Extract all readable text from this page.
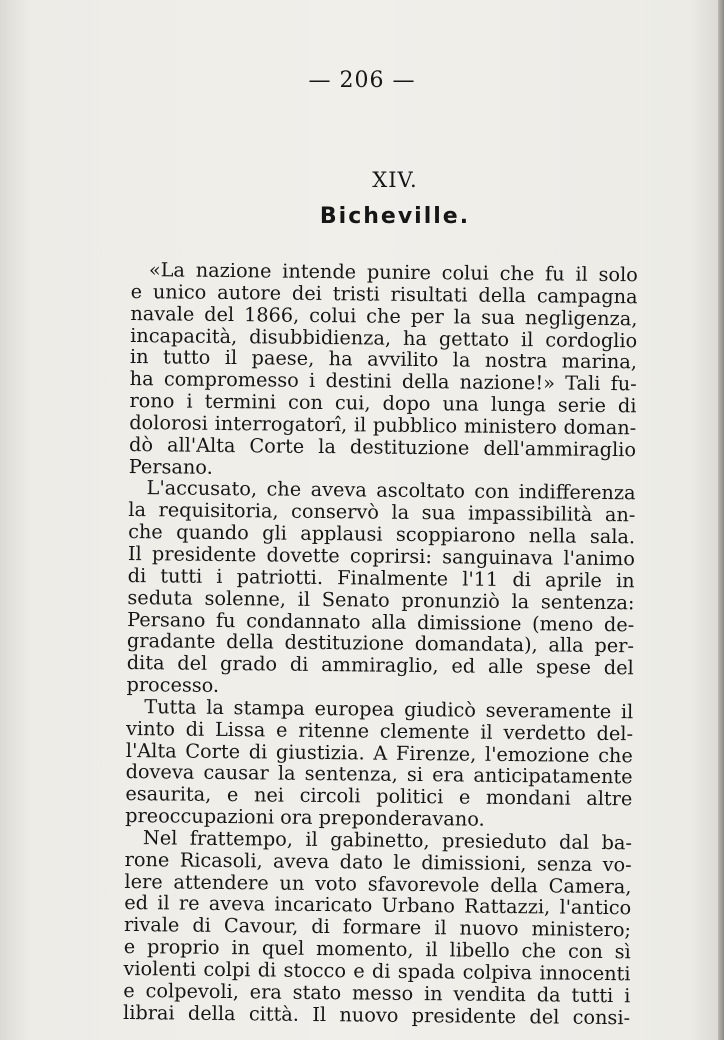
— 206 —
XIV.
Bicheville.
«La nazione intende punire colui che fu il solo
e unico autore dei tristi risultati della campagna
navale del 1866, colui che per la sua negligenza,
incapacità, disubbidienza, ha gettato il cordoglio
in tutto il paese, ha avvilito la nostra marina,
ha compromesso i destini della nazione!» Tali fu-
rono i termini con cui, dopo una lunga serie di
dolorosi interrogatorî, il pubblico ministero doman-
dò all'Alta Corte la destituzione dell'ammiraglio
Persano.
L'accusato, che aveva ascoltato con indifferenza
la requisitoria, conservò la sua impassibilità an-
che quando gli applausi scoppiarono nella sala.
Il presidente dovette coprirsi: sanguinava l'animo
di tutti i patriotti. Finalmente l'11 di aprile in
seduta solenne, il Senato pronunziò la sentenza:
Persano fu condannato alla dimissione (meno de-
gradante della destituzione domandata), alla per-
dita del grado di ammiraglio, ed alle spese del
processo.
Tutta la stampa europea giudicò severamente il
vinto di Lissa e ritenne clemente il verdetto del-
l'Alta Corte di giustizia. A Firenze, l'emozione che
doveva causar la sentenza, si era anticipatamente
esaurita, e nei circoli politici e mondani altre
preoccupazioni ora preponderavano.
Nel frattempo, il gabinetto, presieduto dal ba-
rone Ricasoli, aveva dato le dimissioni, senza vo-
lere attendere un voto sfavorevole della Camera,
ed il re aveva incaricato Urbano Rattazzi, l'antico
rivale di Cavour, di formare il nuovo ministero;
e proprio in quel momento, il libello che con sì
violenti colpi di stocco e di spada colpiva innocenti
e colpevoli, era stato messo in vendita da tutti i
librai della città. Il nuovo presidente del consi-
